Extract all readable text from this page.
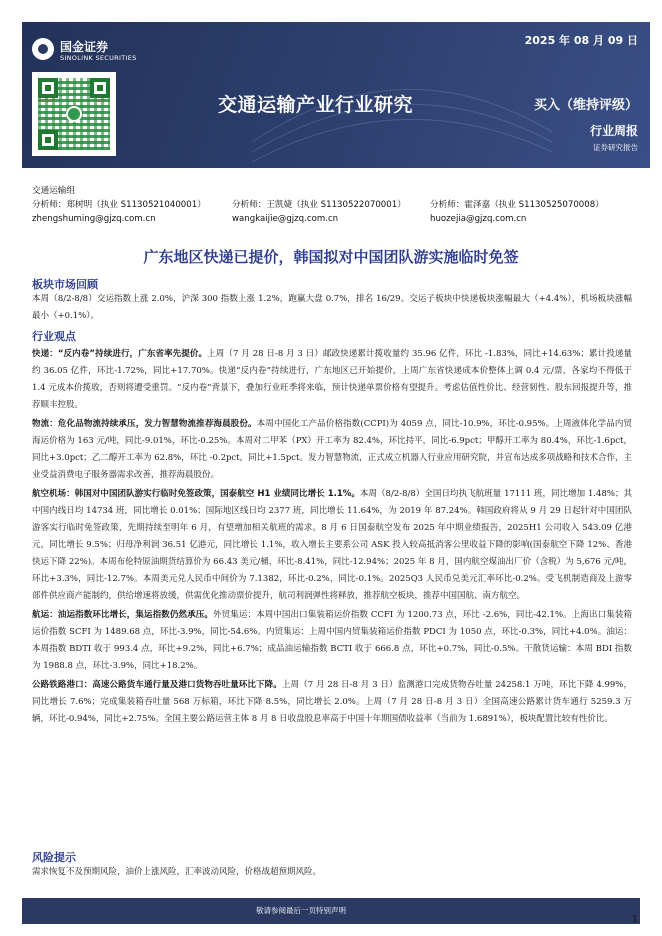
国金证券
SINOLINK SECURITIES
2025 年 08 月 09 日
交通运输产业行业研究	买入（维持评级）
行业周报
证券研究报告
交通运输组
分析师：郑树明（执业 S1130521040001）
zhengshuming@gjzq.com.cn
分析师：王凯婕（执业 S1130522070001）
wangkaijie@gjzq.com.cn
分析师：霍泽嘉（执业 S1130525070008）
huozejia@gjzq.com.cn
广东地区快递已提价，韩国拟对中国团队游实施临时免签
板块市场回顾
本周（8/2-8/8）交运指数上涨 2.0%，沪深 300 指数上涨 1.2%，跑赢大盘 0.7%，排名 16/29。交运子板块中快递板块涨幅最大（+4.4%），机场板块涨幅最小（+0.1%）。
行业观点
快递：“反内卷”持续进行，广东省率先提价。上周（7 月 28 日-8 月 3 日）邮政快递累计揽收量约 35.96 亿件，环比 -1.83%，同比+14.63%；累计投递量约 36.05 亿件，环比-1.72%，同比+17.70%。快递“反内卷”持续进行，广东地区已开始提价，上周广东省快递成本价整体上调 0.4 元/票，各家均不得低于 1.4 元成本价揽收，否则将遭受重罚。“反内卷”背景下，叠加行业旺季将来临，预计快递单票价格有望提升。考虑估值性价比、经营韧性、股东回报提升等，推荐顺丰控股。
物流：危化品物流持续承压，发力智慧物流推荐海晨股份。本周中国化工产品价格指数(CCPI)为 4059 点，同比-10.9%，环比-0.95%。上周液体化学品内贸海运价格为 163 元/吨，同比-9.01%，环比-0.25%。本周对二甲苯（PX）开工率为 82.4%，环比持平，同比-6.9pct；甲醇开工率为 80.4%，环比-1.6pct，同比+3.0pct；乙二醇开工率为 62.8%，环比 -0.2pct，同比+1.5pct。发力智慧物流，正式成立机器人行业应用研究院，并宣布达成多项战略和技术合作，主业受益消费电子服务器需求改善，推荐海晨股份。
航空机场：韩国对中国团队游实行临时免签政策，国泰航空 H1 业绩同比增长 1.1%。本周（8/2-8/8）全国日均执飞航班量 17111 班，同比增加 1.48%；其中国内线日均 14734 班，同比增长 0.01%；国际地区线日均 2377 班，同比增长 11.64%，为 2019 年 87.24%。韩国政府将从 9 月 29 日起针对中国团队游客实行临时免签政策，先期持续至明年 6 月，有望增加相关航班的需求。8 月 6 日国泰航空发布 2025 年中期业绩报告，2025H1 公司收入 543.09 亿港元，同比增长 9.5%；归母净利润 36.51 亿港元，同比增长 1.1%，收入增长主要系公司 ASK 投入较高抵消客公里收益下降的影响(国泰航空下降 12%、香港快运下降 22%)。本周布伦特原油期货结算价为 66.43 美元/桶，环比-8.41%，同比-12.94%；2025 年 8 月，国内航空煤油出厂价（含税）为 5,676 元/吨，环比+3.3%，同比-12.7%。本周美元兑人民币中间价为 7.1382，环比-0.2%，同比-0.1%。2025Q3 人民币兑美元汇率环比-0.2%。受飞机制造商及上游零部件供应商产能制约，供给增速将放缓，供需优化推动票价提升，航司利润弹性将释放，推荐航空板块，推荐中国国航、南方航空。
航运：油运指数环比增长，集运指数仍然承压。外贸集运：本周中国出口集装箱运价指数 CCFI 为 1200.73 点，环比 -2.6%，同比-42.1%。上海出口集装箱运价指数 SCFI 为 1489.68 点，环比-3.9%，同比-54.6%。内贸集运：上周中国内贸集装箱运价指数 PDCI 为 1050 点，环比-0.3%，同比+4.0%。油运：本周指数 BDTI 收于 993.4 点，环比+9.2%，同比+6.7%；成品油运输指数 BCTI 收于 666.8 点，环比+0.7%，同比-0.5%。干散货运输：本周 BDI 指数为 1988.8 点，环比-3.9%，同比+18.2%。
公路铁路港口：高速公路货车通行量及港口货物吞吐量环比下降。上周（7 月 28 日-8 月 3 日）监测港口完成货物吞吐量 24258.1 万吨，环比下降 4.99%，同比增长 7.6%；完成集装箱吞吐量 568 万标箱，环比下降 8.5%，同比增长 2.0%。上周（7 月 28 日-8 月 3 日）全国高速公路累计货车通行 5259.3 万辆，环比-0.94%，同比+2.75%。全国主要公路运营主体 8 月 8 日收盘股息率高于中国十年期国债收益率（当前为 1.6891%），板块配置比较有性价比。
风险提示
需求恢复不及预期风险，油价上涨风险，汇率波动风险，价格战超预期风险。
敬请参阅最后一页特别声明
1
